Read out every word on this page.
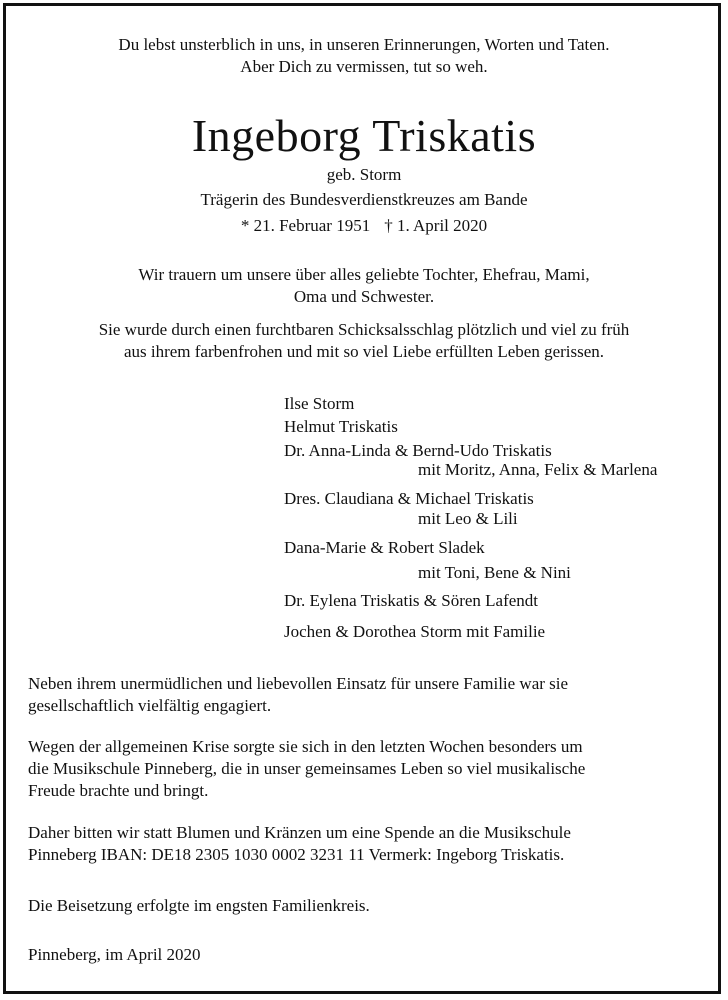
Du lebst unsterblich in uns, in unseren Erinnerungen, Worten und Taten.
Aber Dich zu vermissen, tut so weh.
Ingeborg Triskatis
geb. Storm
Trägerin des Bundesverdienstkreuzes am Bande
* 21. Februar 1951 † 1. April 2020
Wir trauern um unsere über alles geliebte Tochter, Ehefrau, Mami,
Oma und Schwester.
Sie wurde durch einen furchtbaren Schicksalsschlag plötzlich und viel zu früh
aus ihrem farbenfrohen und mit so viel Liebe erfüllten Leben gerissen.
Ilse Storm
Helmut Triskatis
Dr. Anna-Linda & Bernd-Udo Triskatis
mit Moritz, Anna, Felix & Marlena
Dres. Claudiana & Michael Triskatis
mit Leo & Lili
Dana-Marie & Robert Sladek
mit Toni, Bene & Nini
Dr. Eylena Triskatis & Sören Lafendt
Jochen & Dorothea Storm mit Familie
Neben ihrem unermüdlichen und liebevollen Einsatz für unsere Familie war sie
gesellschaftlich vielfältig engagiert.
Wegen der allgemeinen Krise sorgte sie sich in den letzten Wochen besonders um
die Musikschule Pinneberg, die in unser gemeinsames Leben so viel musikalische
Freude brachte und bringt.
Daher bitten wir statt Blumen und Kränzen um eine Spende an die Musikschule
Pinneberg IBAN: DE18 2305 1030 0002 3231 11 Vermerk: Ingeborg Triskatis.
Die Beisetzung erfolgte im engsten Familienkreis.
Pinneberg, im April 2020
